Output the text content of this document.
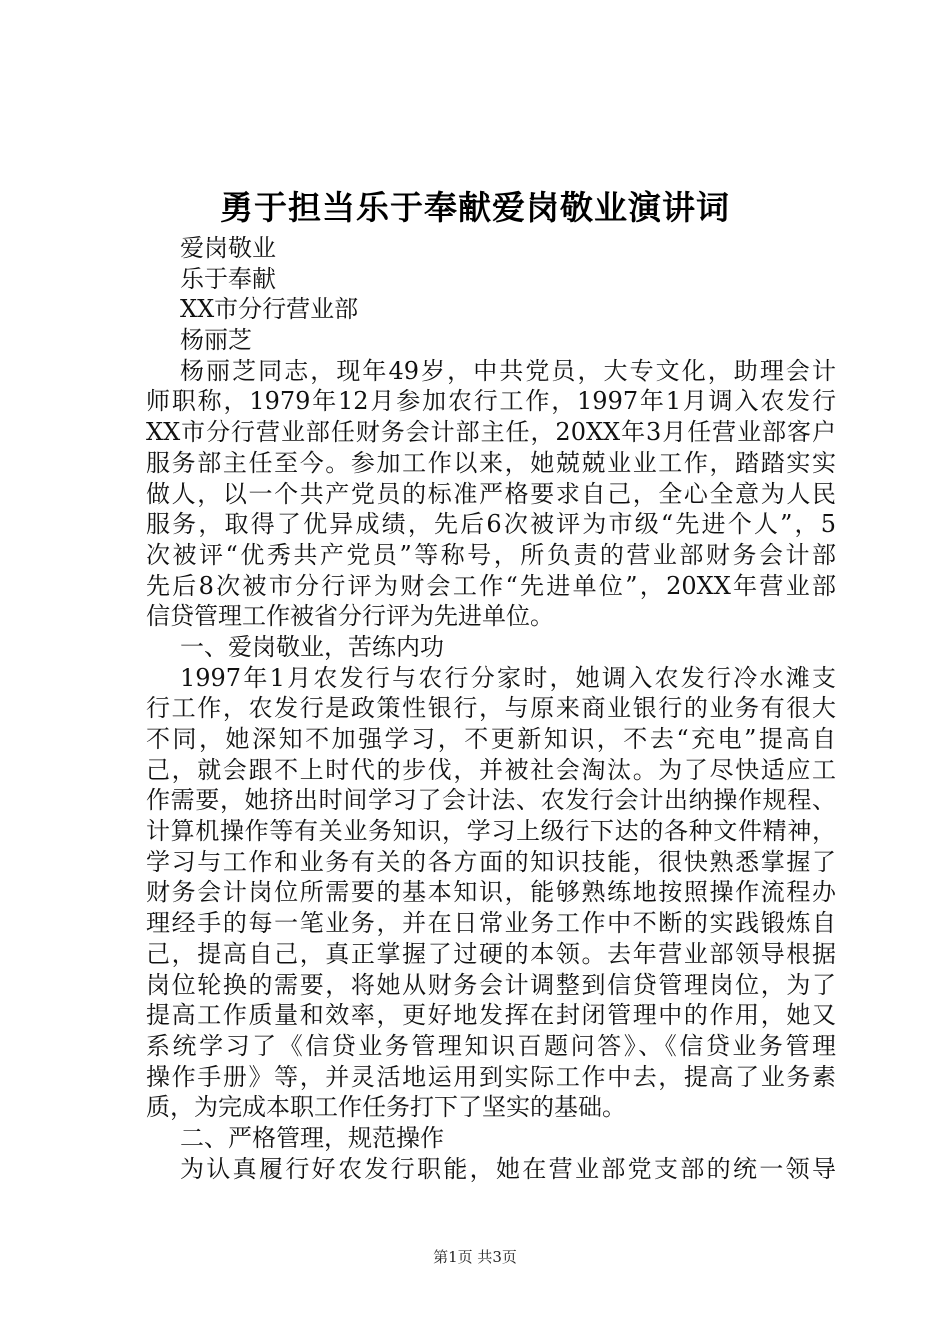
勇于担当乐于奉献爱岗敬业演讲词
爱岗敬业
乐于奉献
XX市分行营业部
杨丽芝
杨丽芝同志，现年49岁，中共党员，大专文化，助理会计
师职称，1979年12月参加农行工作，1997年1月调入农发行
XX市分行营业部任财务会计部主任，20XX年3月任营业部客户
服务部主任至今。参加工作以来，她兢兢业业工作，踏踏实实
做人，以一个共产党员的标准严格要求自己，全心全意为人民
服务，取得了优异成绩，先后6次被评为市级“先进个人”，5
次被评“优秀共产党员”等称号，所负责的营业部财务会计部
先后8次被市分行评为财会工作“先进单位”，20XX年营业部
信贷管理工作被省分行评为先进单位。
一、爱岗敬业，苦练内功
1997年1月农发行与农行分家时，她调入农发行冷水滩支
行工作，农发行是政策性银行，与原来商业银行的业务有很大
不同，她深知不加强学习，不更新知识，不去“充电”提高自
己，就会跟不上时代的步伐，并被社会淘汰。为了尽快适应工
作需要，她挤出时间学习了会计法、农发行会计出纳操作规程、
计算机操作等有关业务知识，学习上级行下达的各种文件精神，
学习与工作和业务有关的各方面的知识技能，很快熟悉掌握了
财务会计岗位所需要的基本知识，能够熟练地按照操作流程办
理经手的每一笔业务，并在日常业务工作中不断的实践锻炼自
己，提高自己，真正掌握了过硬的本领。去年营业部领导根据
岗位轮换的需要，将她从财务会计调整到信贷管理岗位，为了
提高工作质量和效率，更好地发挥在封闭管理中的作用，她又
系统学习了《信贷业务管理知识百题问答》、《信贷业务管理
操作手册》等，并灵活地运用到实际工作中去，提高了业务素
质，为完成本职工作任务打下了坚实的基础。
二、严格管理，规范操作
为认真履行好农发行职能，她在营业部党支部的统一领导
第1页 共3页
